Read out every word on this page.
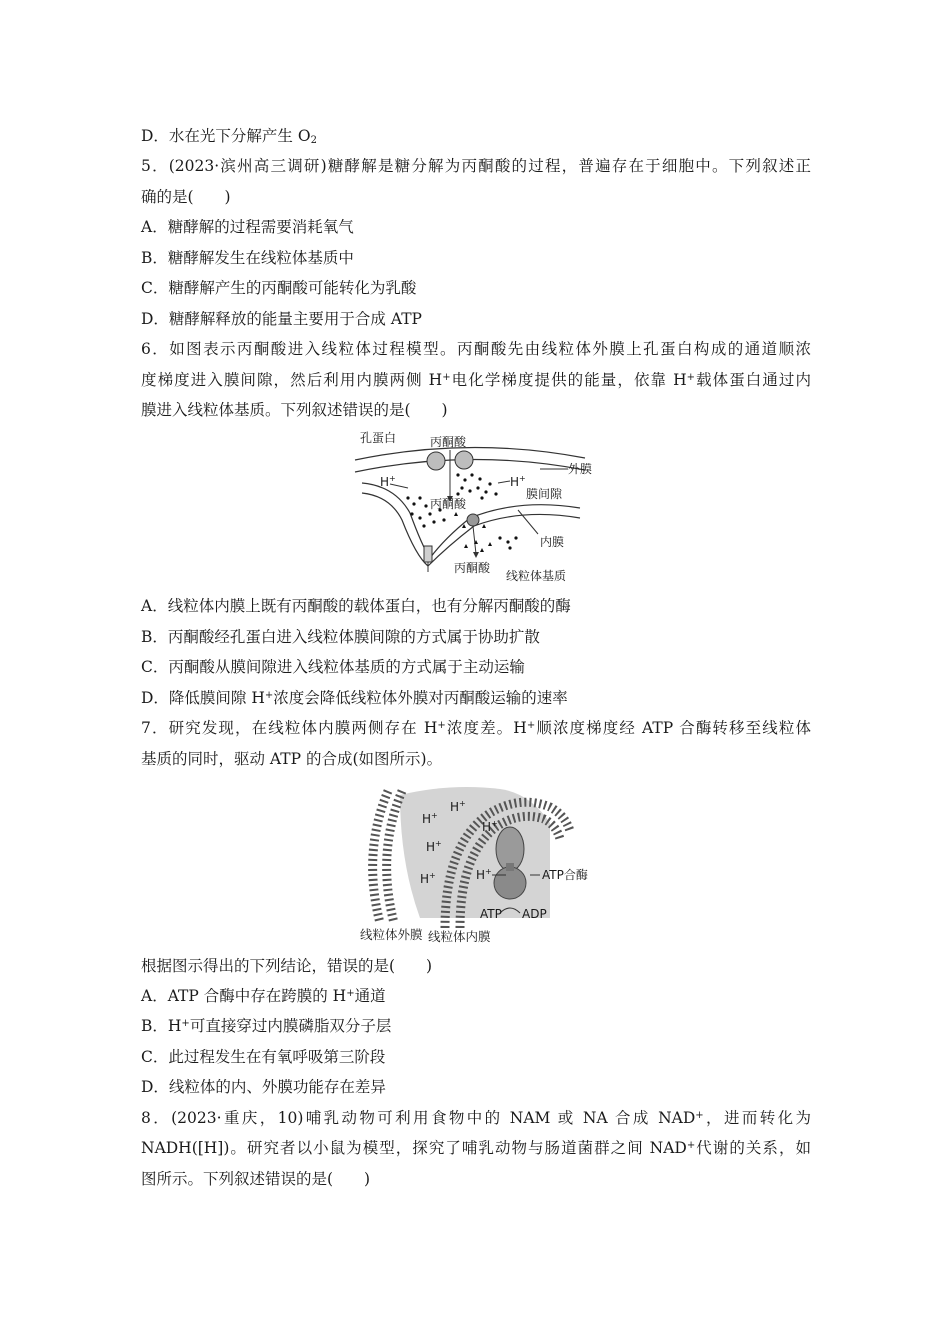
D．水在光下分解产生 $O_2$
5．(2023·滨州高三调研)糖酵解是糖分解为丙酮酸的过程，普遍存在于细胞中。下列叙述正
确的是(　　)
A．糖酵解的过程需要消耗氧气
B．糖酵解发生在线粒体基质中
C．糖酵解产生的丙酮酸可能转化为乳酸
D．糖酵解释放的能量主要用于合成 ATP
6．如图表示丙酮酸进入线粒体过程模型。丙酮酸先由线粒体外膜上孔蛋白构成的通道顺浓
度梯度进入膜间隙，然后利用内膜两侧 H+电化学梯度提供的能量，依靠 H+载体蛋白通过内
膜进入线粒体基质。下列叙述错误的是(　　)
孔蛋白	丙酮酸
外膜
H+	H+
膜间隙
丙酮酸
内膜
丙酮酸
线粒体基质
A．线粒体内膜上既有丙酮酸的载体蛋白，也有分解丙酮酸的酶
B．丙酮酸经孔蛋白进入线粒体膜间隙的方式属于协助扩散
C．丙酮酸从膜间隙进入线粒体基质的方式属于主动运输
D．降低膜间隙 H+浓度会降低线粒体外膜对丙酮酸运输的速率
7．研究发现，在线粒体内膜两侧存在 H+浓度差。H+顺浓度梯度经 ATP 合酶转移至线粒体
基质的同时，驱动 ATP 的合成(如图所示)。
H+
H+
H+
H+
H+	H+	ATP合酶
ATP ADP
线粒体外膜 线粒体内膜
根据图示得出的下列结论，错误的是(　　)
A．ATP 合酶中存在跨膜的 H+通道
B．H+可直接穿过内膜磷脂双分子层
C．此过程发生在有氧呼吸第三阶段
D．线粒体的内、外膜功能存在差异
8．(2023·重庆，10)哺乳动物可利用食物中的 NAM 或 NA 合成 NAD+，进而转化为
NADH([H])。研究者以小鼠为模型，探究了哺乳动物与肠道菌群之间 NAD+代谢的关系，如
图所示。下列叙述错误的是(　　)
